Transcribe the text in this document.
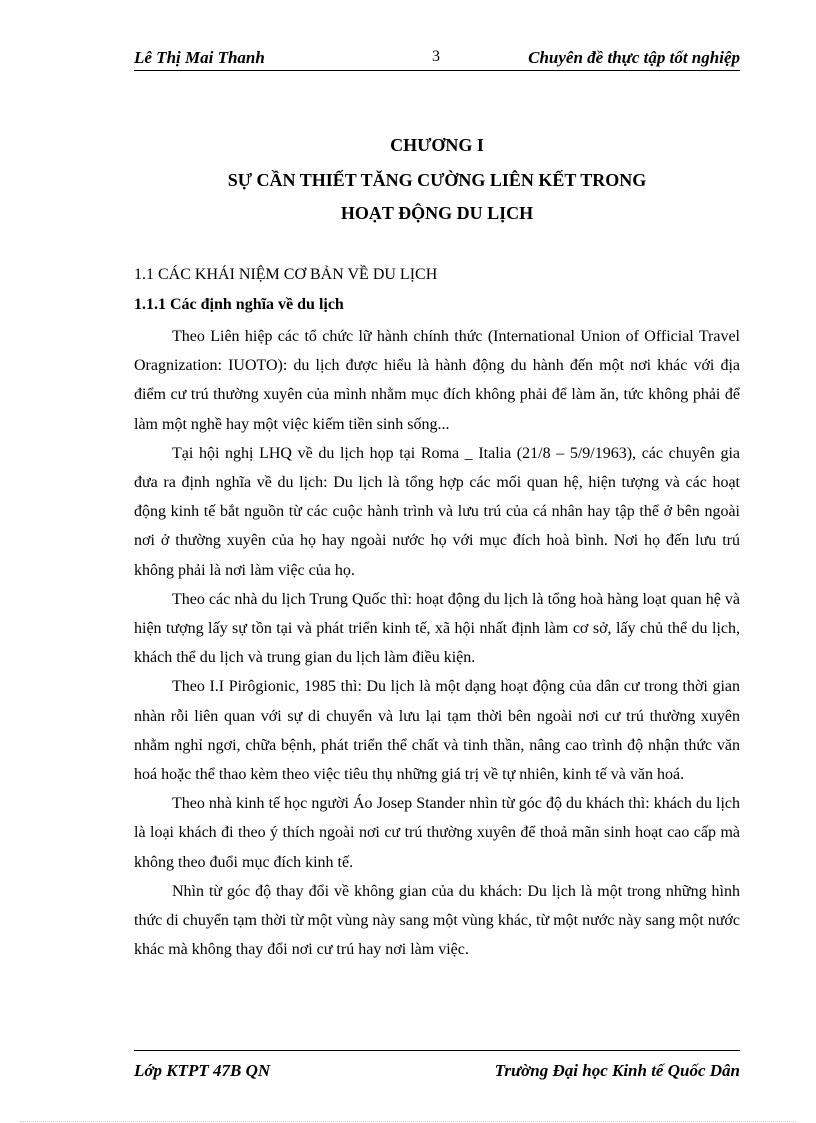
Lê Thị Mai Thanh	3	Chuyên đề thực tập tốt nghiệp
CHƯƠNG I
SỰ CẦN THIẾT TĂNG CƯỜNG LIÊN KẾT TRONG
HOẠT ĐỘNG DU LỊCH
1.1 CÁC KHÁI NIỆM CƠ BẢN VỀ DU LỊCH
1.1.1 Các định nghĩa về du lịch

Theo Liên hiệp các tổ chức lữ hành chính thức (International Union of Official Travel Oragnization: IUOTO): du lịch được hiểu là hành động du hành đến một nơi khác với địa điểm cư trú thường xuyên của mình nhằm mục đích không phải để làm ăn, tức không phải để làm một nghề hay một việc kiếm tiền sinh sống...

Tại hội nghị LHQ về du lịch họp tại Roma _ Italia (21/8 – 5/9/1963), các chuyên gia đưa ra định nghĩa về du lịch: Du lịch là tổng hợp các mối quan hệ, hiện tượng và các hoạt động kinh tế bắt nguồn từ các cuộc hành trình và lưu trú của cá nhân hay tập thể ở bên ngoài nơi ở thường xuyên của họ hay ngoài nước họ với mục đích hoà bình. Nơi họ đến lưu trú không phải là nơi làm việc của họ.

Theo các nhà du lịch Trung Quốc thì: hoạt động du lịch là tổng hoà hàng loạt quan hệ và hiện tượng lấy sự tồn tại và phát triển kinh tế, xã hội nhất định làm cơ sở, lấy chủ thể du lịch, khách thể du lịch và trung gian du lịch làm điều kiện.

Theo I.I Pirôgionic, 1985 thì: Du lịch là một dạng hoạt động của dân cư trong thời gian nhàn rỗi liên quan với sự di chuyển và lưu lại tạm thời bên ngoài nơi cư trú thường xuyên nhằm nghỉ ngơi, chữa bệnh, phát triển thể chất và tinh thần, nâng cao trình độ nhận thức văn hoá hoặc thể thao kèm theo việc tiêu thụ những giá trị về tự nhiên, kinh tế và văn hoá.

Theo nhà kinh tế học người Áo Josep Stander nhìn từ góc độ du khách thì: khách du lịch là loại khách đi theo ý thích ngoài nơi cư trú thường xuyên để thoả mãn sinh hoạt cao cấp mà không theo đuổi mục đích kinh tế.

Nhìn từ góc độ thay đổi về không gian của du khách: Du lịch là một trong những hình thức di chuyển tạm thời từ một vùng này sang một vùng khác, từ một nước này sang một nước khác mà không thay đổi nơi cư trú hay nơi làm việc.

Lớp KTPT 47B QN	Trường Đại học Kinh tế Quốc Dân
